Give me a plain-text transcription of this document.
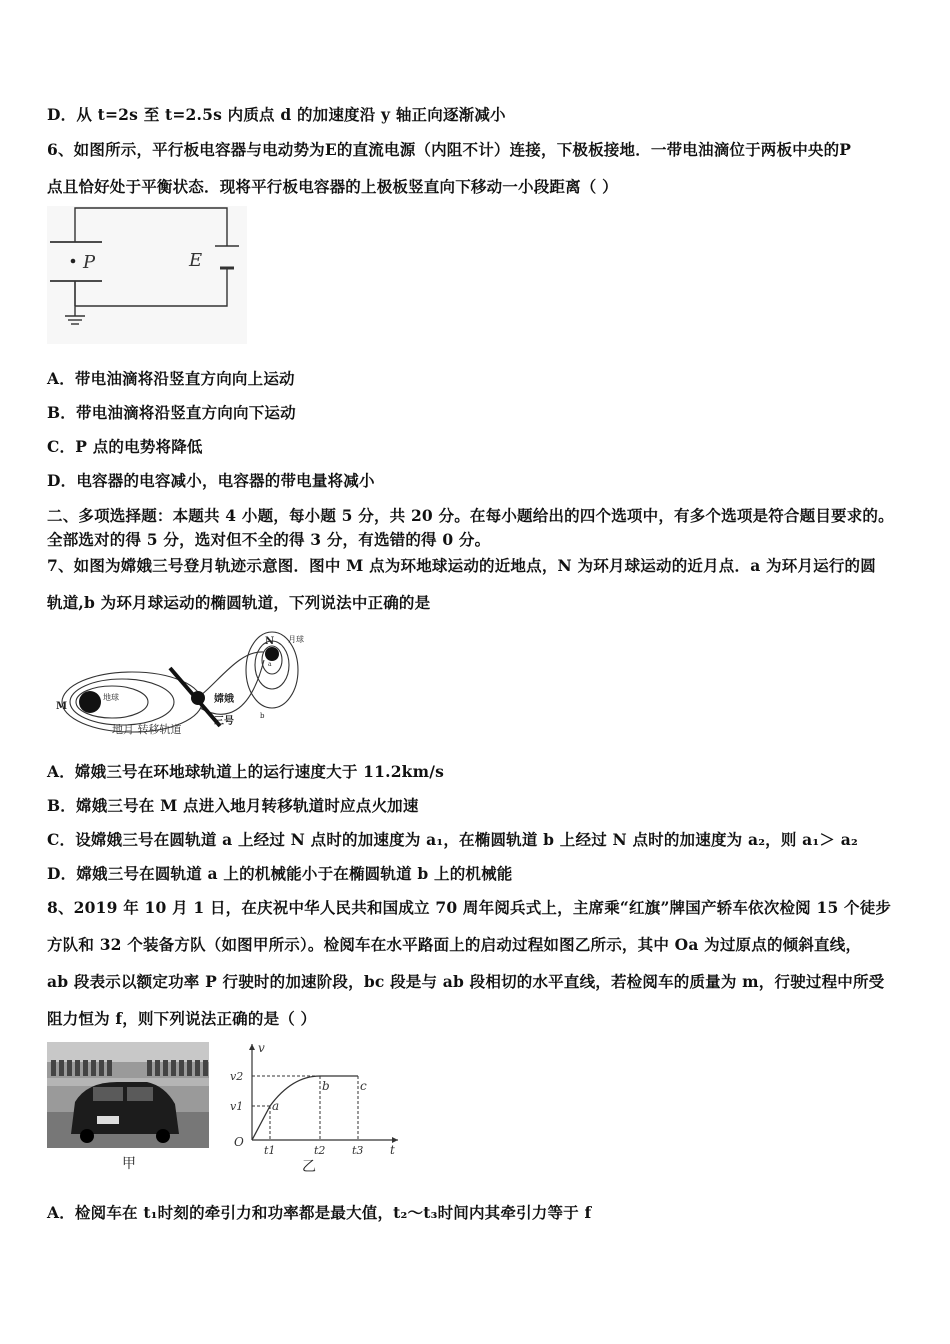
D．从 t=2s 至 t=2.5s 内质点 d 的加速度沿 y 轴正向逐渐减小
6、如图所示，平行板电容器与电动势为E的直流电源（内阻不计）连接，下极板接地．一带电油滴位于两板中央的P
点且恰好处于平衡状态．现将平行板电容器的上极板竖直向下移动一小段距离（ ）
P	E
A．带电油滴将沿竖直方向向上运动
B．带电油滴将沿竖直方向向下运动
C．P 点的电势将降低
D．电容器的电容减小，电容器的带电量将减小
二、多项选择题：本题共 4 小题，每小题 5 分，共 20 分。在每小题给出的四个选项中，有多个选项是符合题目要求的。
全部选对的得 5 分，选对但不全的得 3 分，有选错的得 0 分。
7、如图为嫦娥三号登月轨迹示意图．图中 M 点为环地球运动的近地点，N 为环月球运动的近月点．a 为环月运行的圆
轨道,b 为环月球运动的椭圆轨道，下列说法中正确的是
地球
M
N 月球
a
b
嫦娥
三号
地月 转移轨道
A．嫦娥三号在环地球轨道上的运行速度大于 11.2km/s
B．嫦娥三号在 M 点进入地月转移轨道时应点火加速
C．设嫦娥三号在圆轨道 a 上经过 N 点时的加速度为 a₁，在椭圆轨道 b 上经过 N 点时的加速度为 a₂，则 a₁＞ a₂
D．嫦娥三号在圆轨道 a 上的机械能小于在椭圆轨道 b 上的机械能
8、2019 年 10 月 1 日，在庆祝中华人民共和国成立 70 周年阅兵式上，主席乘“红旗”牌国产轿车依次检阅 15 个徒步
方队和 32 个装备方队（如图甲所示）。检阅车在水平路面上的启动过程如图乙所示，其中 Oa 为过原点的倾斜直线，
ab 段表示以额定功率 P 行驶时的加速阶段，bc 段是与 ab 段相切的水平直线，若检阅车的质量为 m，行驶过程中所受
阻力恒为 f，则下列说法正确的是（ ）
甲
v
t
O
v2
v1
t1	t2 t3
a
b	c
乙
A．检阅车在 t₁时刻的牵引力和功率都是最大值，t₂～t₃时间内其牵引力等于 f
